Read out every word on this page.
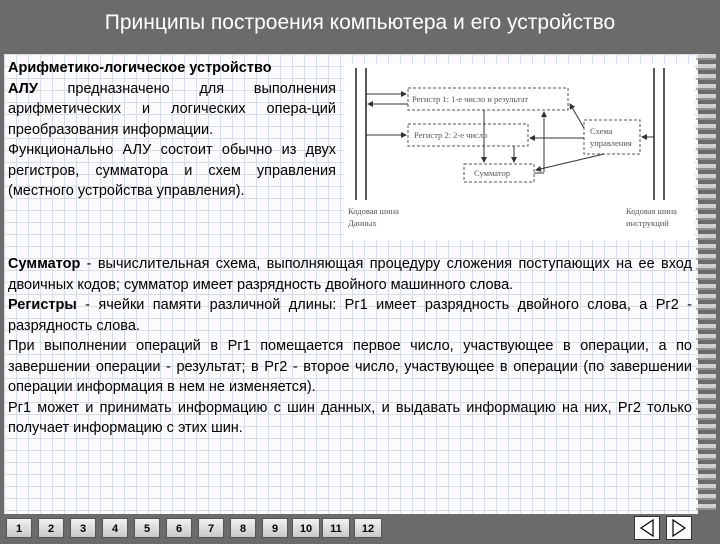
Принципы построения компьютера и его устройство

Арифметико-логическое устройство

АЛУ предназначено для выполнения арифметических и логических опера-ций преобразования информации.

Функционально АЛУ состоит обычно из двух регистров, сумматора и схем управления (местного устройства управления).

Регистр 1: 1-е число и результат
Регистр 2: 2-е число
Сумматор
Схема
управления
Кодовая шина
Данных
Кодовая шина
инструкций

Сумматор - вычислительная схема, выполняющая процедуру сложения поступающих на ее вход двоичных кодов; сумматор имеет разрядность двойного машинного слова.

Регистры - ячейки памяти различной длины: Рг1 имеет разрядность двойного слова, а Рг2 - разрядность слова.

При выполнении операций в Рг1 помещается первое число, участвующее в операции, а по завершении операции - результат; в Рг2 - второе число, участвующее в операции (по завершении операции информация в нем не изменяется).

Рг1 может и принимать информацию с шин данных, и выдавать информацию на них, Рг2 только получает информацию с этих шин.

1	2	3	4	5	6	7	8	9	10	11	12
